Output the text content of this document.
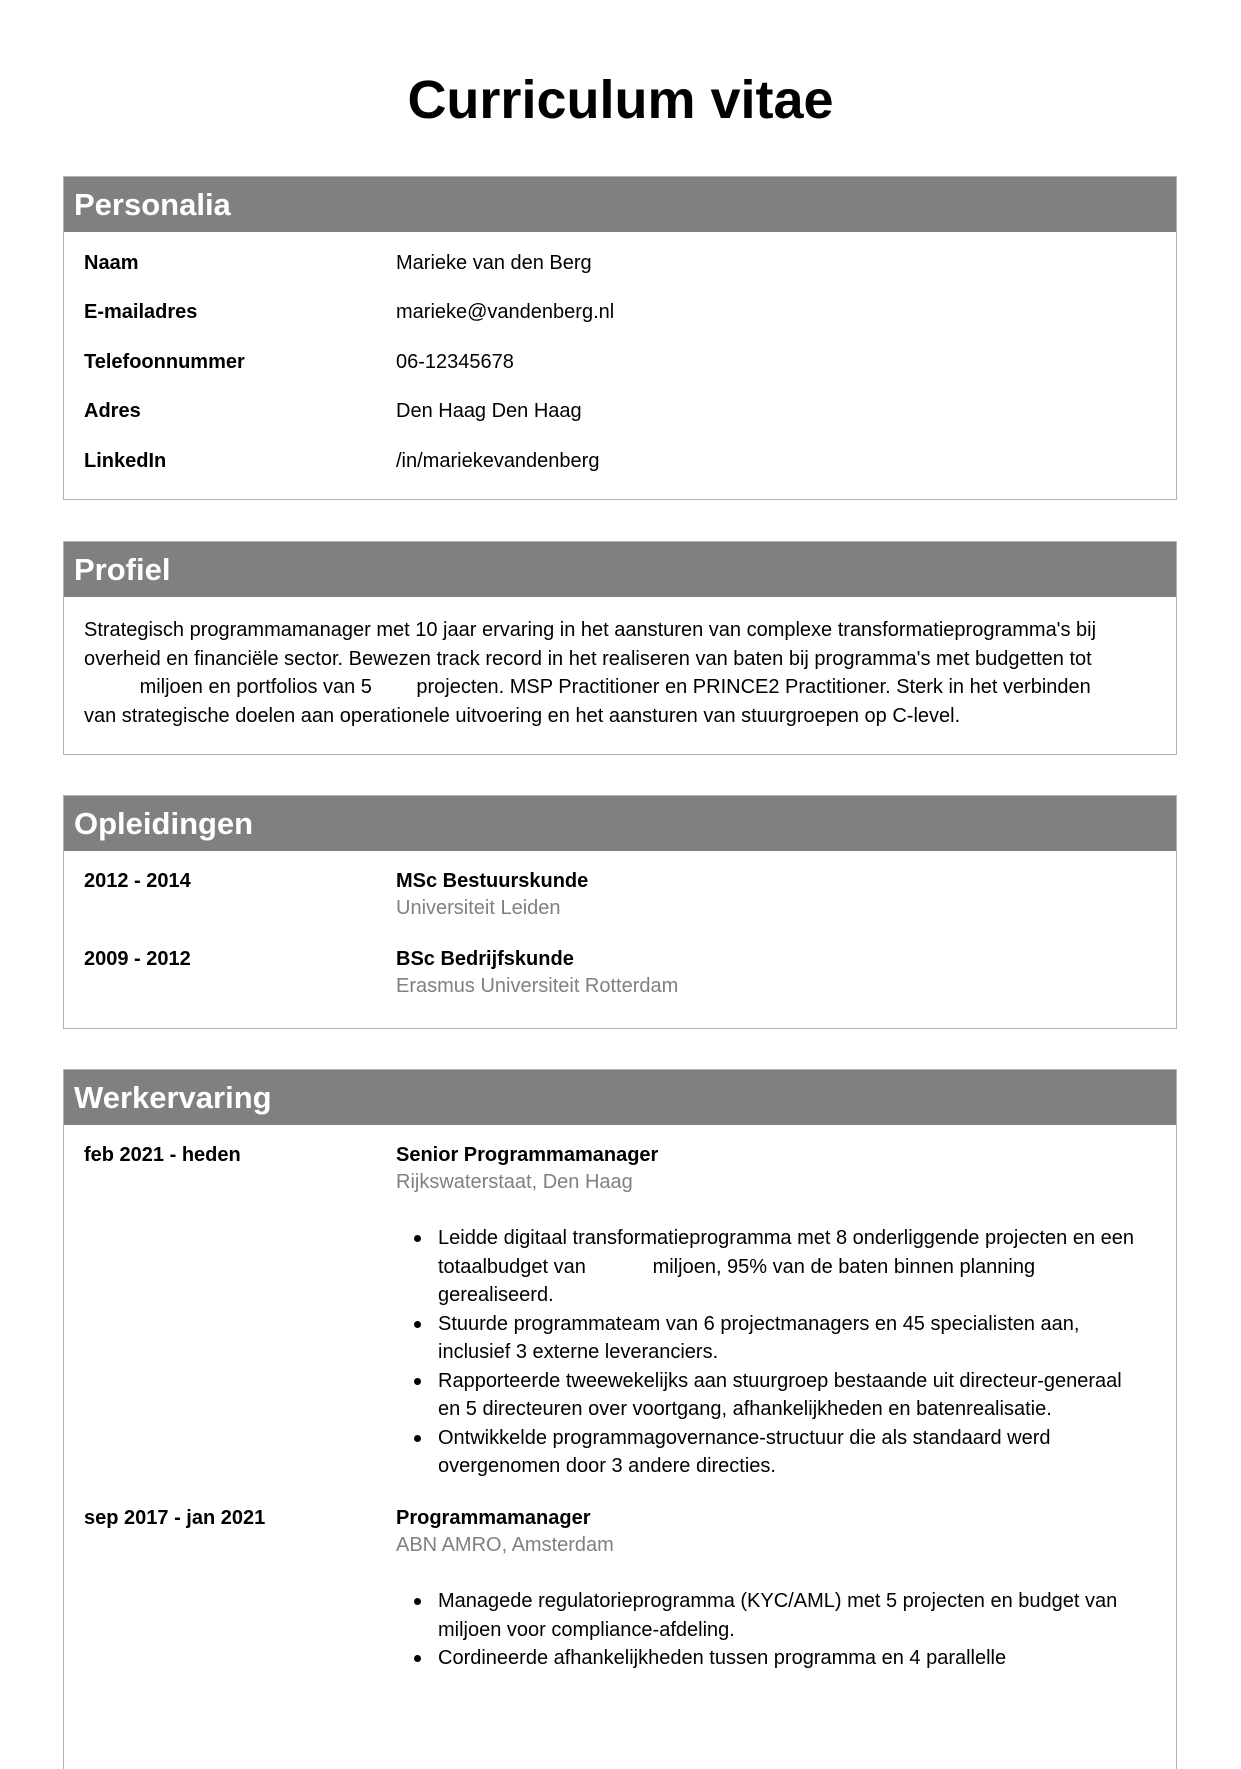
Curriculum vitae
Personalia
Naam	Marieke van den Berg
E-mailadres	marieke@vandenberg.nl
Telefoonnummer	06-12345678
Adres	Den Haag Den Haag
LinkedIn	/in/mariekevandenberg
Profiel
Strategisch programmamanager met 10 jaar ervaring in het aansturen van complexe transformatieprogramma's bij
overheid en financiële sector. Bewezen track record in het realiseren van baten bij programma's met budgetten tot
miljoen en portfolios van 5        projecten. MSP Practitioner en PRINCE2 Practitioner. Sterk in het verbinden
van strategische doelen aan operationele uitvoering en het aansturen van stuurgroepen op C-level.
Opleidingen
2012 - 2014	MSc Bestuurskunde
Universiteit Leiden
2009 - 2012	BSc Bedrijfskunde
Erasmus Universiteit Rotterdam
Werkervaring
feb 2021 - heden	Senior Programmamanager
Rijkswaterstaat, Den Haag
Leidde digitaal transformatieprogramma met 8 onderliggende projecten en een totaalbudget van            miljoen, 95% van de baten binnen planning gerealiseerd.
Stuurde programmateam van 6 projectmanagers en 45 specialisten aan, inclusief 3 externe leveranciers.
Rapporteerde tweewekelijks aan stuurgroep bestaande uit directeur-generaal en 5 directeuren over voortgang, afhankelijkheden en batenrealisatie.
Ontwikkelde programmagovernance-structuur die als standaard werd overgenomen door 3 andere directies.
sep 2017 - jan 2021	Programmamanager
ABN AMRO, Amsterdam
Managede regulatorieprogramma (KYC/AML) met 5 projecten en budget van          miljoen voor compliance-afdeling.
Cordineerde afhankelijkheden tussen programma en 4 parallelle
